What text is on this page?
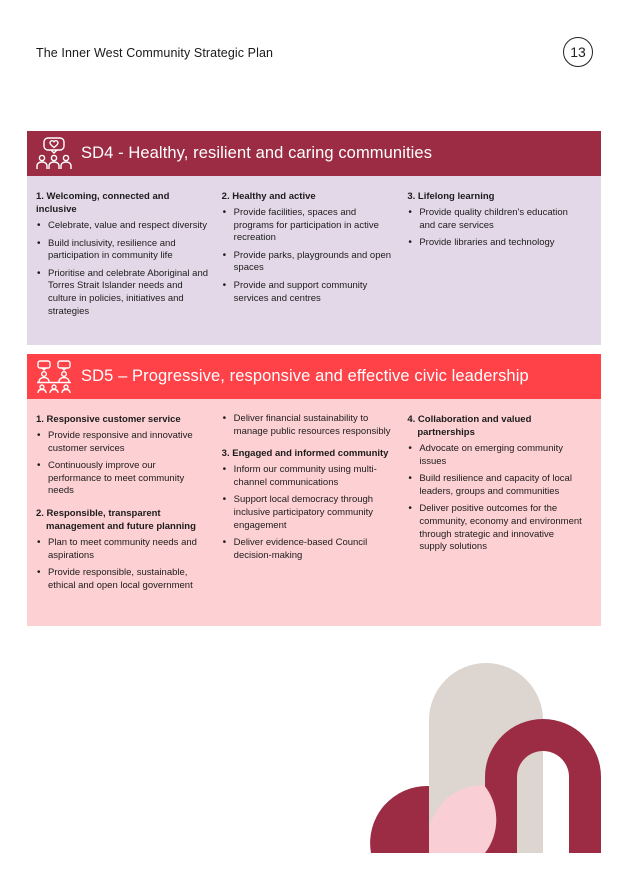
The Inner West Community Strategic Plan	13
SD4 - Healthy, resilient and caring communities
1. Welcoming, connected and inclusive
• Celebrate, value and respect diversity
• Build inclusivity, resilience and participation in community life
• Prioritise and celebrate Aboriginal and Torres Strait Islander needs and culture in policies, initiatives and strategies
2. Healthy and active
• Provide facilities, spaces and programs for participation in active recreation
• Provide parks, playgrounds and open spaces
• Provide and support community services and centres
3. Lifelong learning
• Provide quality children's education and care services
• Provide libraries and technology
SD5 – Progressive, responsive and effective civic leadership
1. Responsive customer service
• Provide responsive and innovative customer services
• Continuously improve our performance to meet community needs
2. Responsible, transparent management and future planning
• Plan to meet community needs and aspirations
• Provide responsible, sustainable, ethical and open local government
• Deliver financial sustainability to manage public resources responsibly
3. Engaged and informed community
• Inform our community using multi-channel communications
• Support local democracy through inclusive participatory community engagement
• Deliver evidence-based Council decision-making
4. Collaboration and valued partnerships
• Advocate on emerging community issues
• Build resilience and capacity of local leaders, groups and communities
• Deliver positive outcomes for the community, economy and environment through strategic and innovative supply solutions
